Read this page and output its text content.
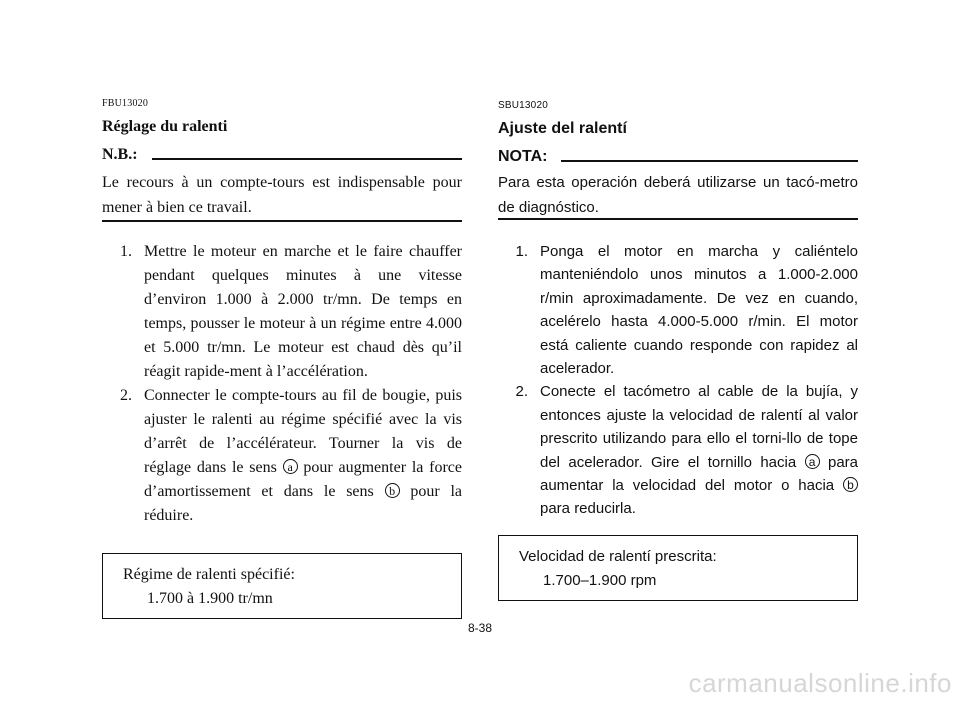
FBU13020
Réglage du ralenti
N.B.:
Le recours à un compte-tours est indispensable pour mener à bien ce travail.
1. Mettre le moteur en marche et le faire chauffer pendant quelques minutes à une vitesse d’environ 1.000 à 2.000 tr/mn. De temps en temps, pousser le moteur à un régime entre 4.000 et 5.000 tr/mn. Le moteur est chaud dès qu’il réagit rapide-ment à l’accélération.
2. Connecter le compte-tours au fil de bougie, puis ajuster le ralenti au régime spécifié avec la vis d’arrêt de l’accélérateur. Tourner la vis de réglage dans le sens a pour augmenter la force d’amortissement et dans le sens b pour la réduire.
Régime de ralenti spécifié:
1.700 à 1.900 tr/mn
SBU13020
Ajuste del ralentí
NOTA:
Para esta operación deberá utilizarse un tacó-metro de diagnóstico.
1. Ponga el motor en marcha y caliéntelo manteniéndolo unos minutos a 1.000-2.000 r/min aproximadamente. De vez en cuando, acelérelo hasta 4.000-5.000 r/min. El motor está caliente cuando responde con rapidez al acelerador.
2. Conecte el tacómetro al cable de la bujía, y entonces ajuste la velocidad de ralentí al valor prescrito utilizando para ello el torni-llo de tope del acelerador. Gire el tornillo hacia a para aumentar la velocidad del motor o hacia b para reducirla.
Velocidad de ralentí prescrita:
1.700–1.900 rpm
8-38
carmanualsonline.info
